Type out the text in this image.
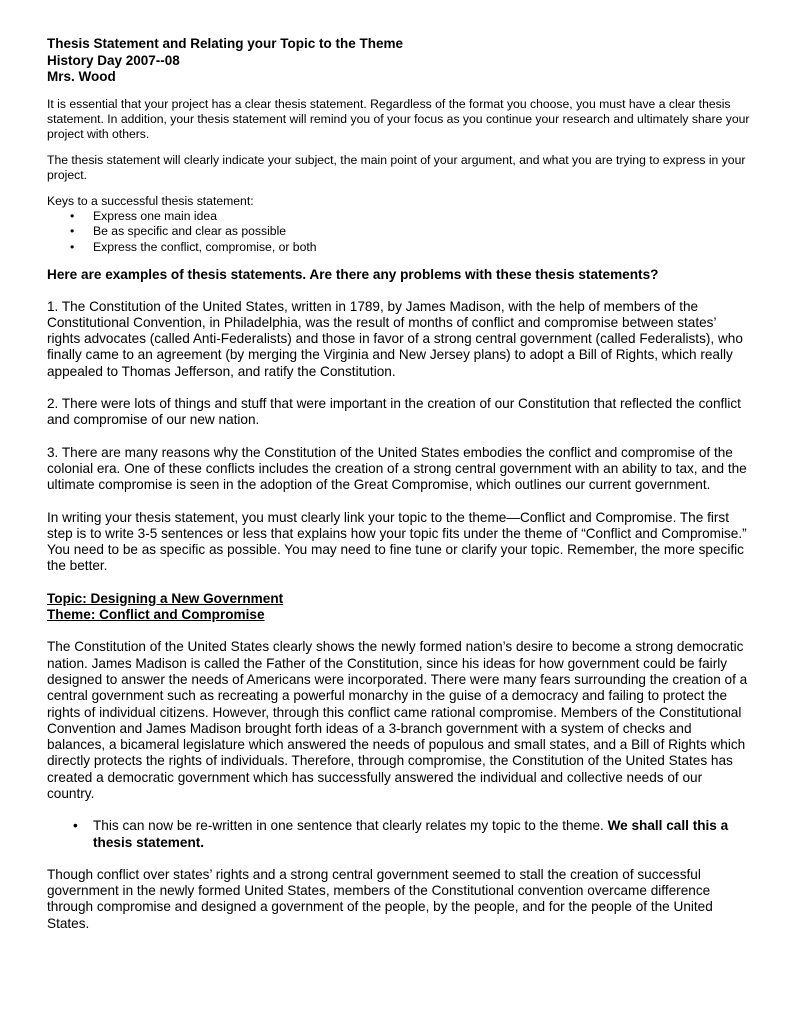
Thesis Statement and Relating your Topic to the Theme

History Day 2007--08

Mrs. Wood

It is essential that your project has a clear thesis statement. Regardless of the format you choose, you must have a clear thesis statement. In addition, your thesis statement will remind you of your focus as you continue your research and ultimately share your project with others.

The thesis statement will clearly indicate your subject, the main point of your argument, and what you are trying to express in your project.

Keys to a successful thesis statement:

• Express one main idea
• Be as specific and clear as possible
• Express the conflict, compromise, or both

Here are examples of thesis statements. Are there any problems with these thesis statements?

1. The Constitution of the United States, written in 1789, by James Madison, with the help of members of the Constitutional Convention, in Philadelphia, was the result of months of conflict and compromise between states’ rights advocates (called Anti-Federalists) and those in favor of a strong central government (called Federalists), who finally came to an agreement (by merging the Virginia and New Jersey plans) to adopt a Bill of Rights, which really appealed to Thomas Jefferson, and ratify the Constitution.

2. There were lots of things and stuff that were important in the creation of our Constitution that reflected the conflict and compromise of our new nation.

3. There are many reasons why the Constitution of the United States embodies the conflict and compromise of the colonial era. One of these conflicts includes the creation of a strong central government with an ability to tax, and the ultimate compromise is seen in the adoption of the Great Compromise, which outlines our current government.

In writing your thesis statement, you must clearly link your topic to the theme—Conflict and Compromise. The first step is to write 3-5 sentences or less that explains how your topic fits under the theme of “Conflict and Compromise.” You need to be as specific as possible. You may need to fine tune or clarify your topic. Remember, the more specific the better.

Topic: Designing a New Government

Theme: Conflict and Compromise

The Constitution of the United States clearly shows the newly formed nation’s desire to become a strong democratic nation. James Madison is called the Father of the Constitution, since his ideas for how government could be fairly designed to answer the needs of Americans were incorporated. There were many fears surrounding the creation of a central government such as recreating a powerful monarchy in the guise of a democracy and failing to protect the rights of individual citizens. However, through this conflict came rational compromise. Members of the Constitutional Convention and James Madison brought forth ideas of a 3-branch government with a system of checks and balances, a bicameral legislature which answered the needs of populous and small states, and a Bill of Rights which directly protects the rights of individuals. Therefore, through compromise, the Constitution of the United States has created a democratic government which has successfully answered the individual and collective needs of our country.

• This can now be re-written in one sentence that clearly relates my topic to the theme. We shall call this a thesis statement.

Though conflict over states’ rights and a strong central government seemed to stall the creation of successful government in the newly formed United States, members of the Constitutional convention overcame difference through compromise and designed a government of the people, by the people, and for the people of the United States.
